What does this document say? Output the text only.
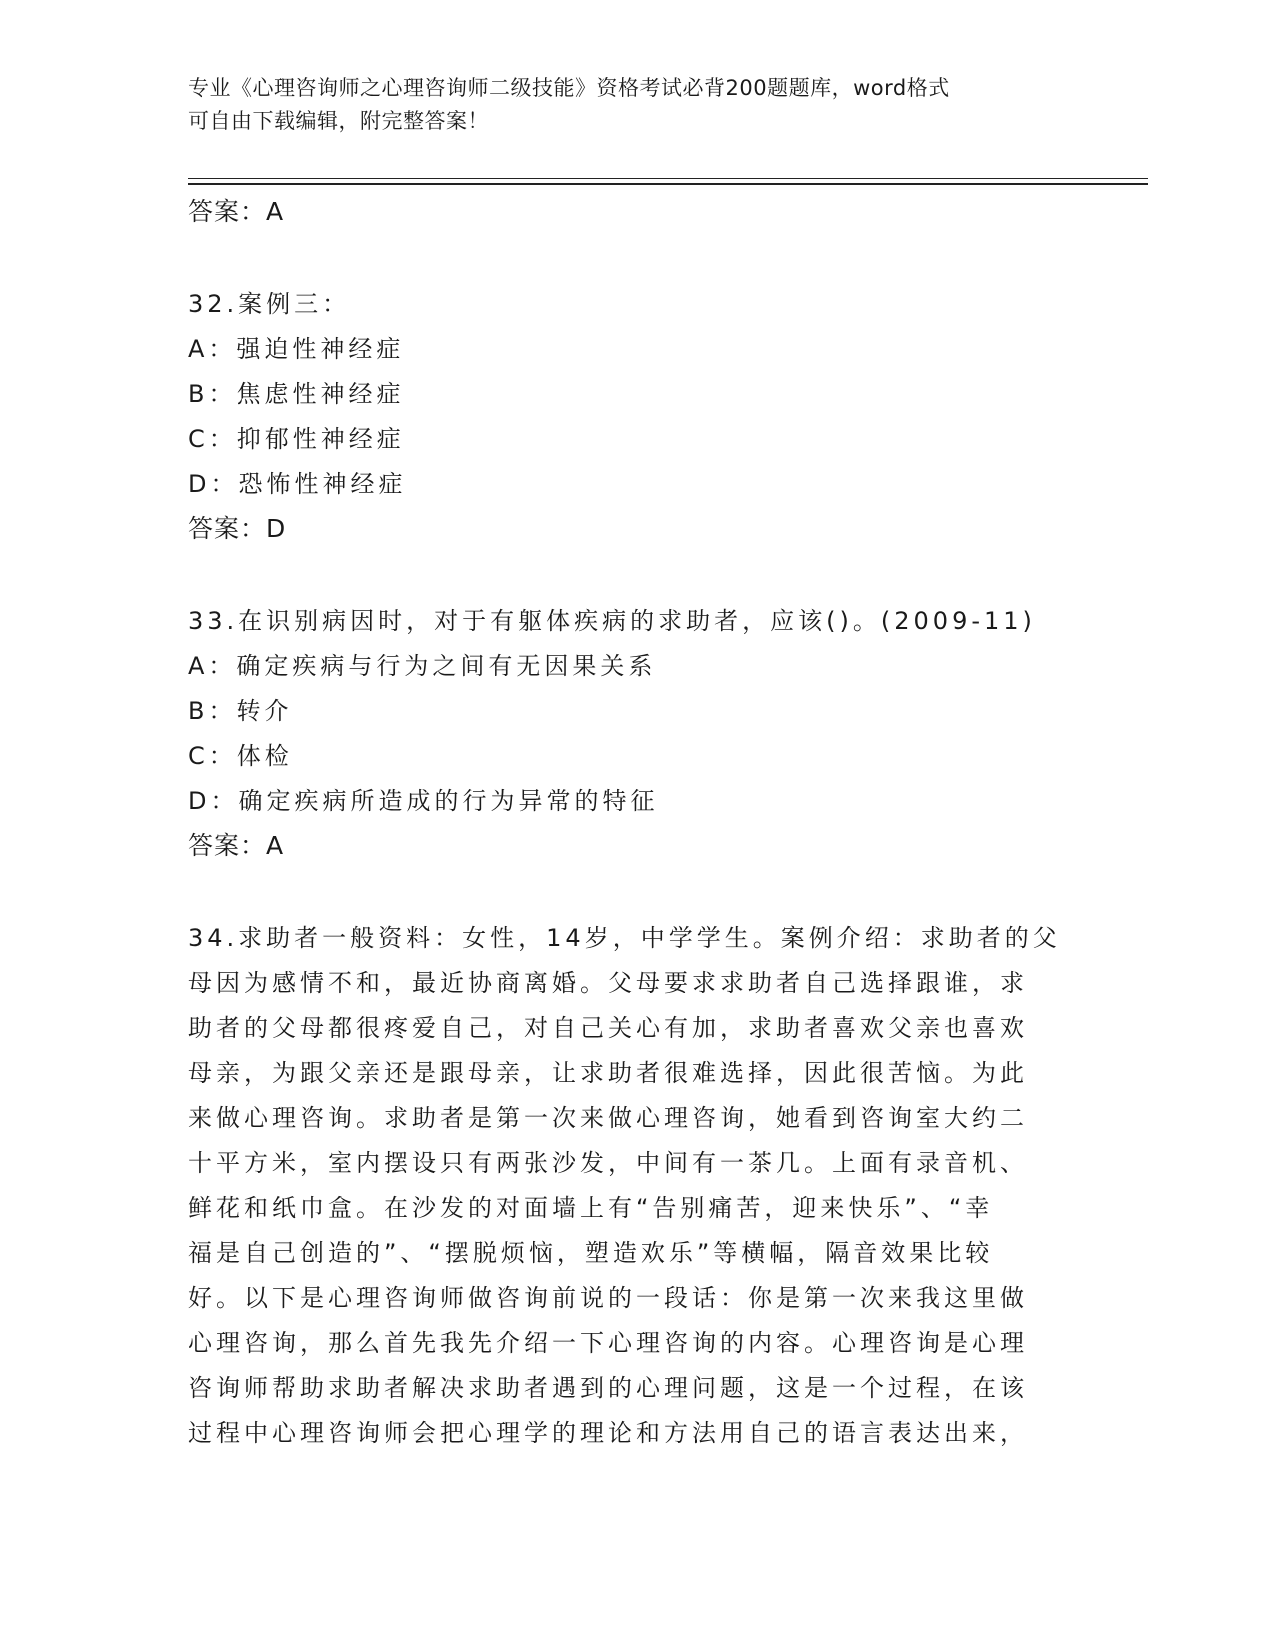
专业《心理咨询师之心理咨询师二级技能》资格考试必背200题题库，word格式
可自由下载编辑，附完整答案！
答案：A
32.案例三：
A：强迫性神经症
B：焦虑性神经症
C：抑郁性神经症
D：恐怖性神经症
答案：D
33.在识别病因时，对于有躯体疾病的求助者，应该()。(2009-11)
A：确定疾病与行为之间有无因果关系
B：转介
C：体检
D：确定疾病所造成的行为异常的特征
答案：A
34.求助者一般资料：女性，14岁，中学学生。案例介绍：求助者的父
母因为感情不和，最近协商离婚。父母要求求助者自己选择跟谁，求
助者的父母都很疼爱自己，对自己关心有加，求助者喜欢父亲也喜欢
母亲，为跟父亲还是跟母亲，让求助者很难选择，因此很苦恼。为此
来做心理咨询。求助者是第一次来做心理咨询，她看到咨询室大约二
十平方米，室内摆设只有两张沙发，中间有一茶几。上面有录音机、
鲜花和纸巾盒。在沙发的对面墙上有“告别痛苦，迎来快乐”、“幸
福是自己创造的”、“摆脱烦恼，塑造欢乐”等横幅，隔音效果比较
好。以下是心理咨询师做咨询前说的一段话：你是第一次来我这里做
心理咨询，那么首先我先介绍一下心理咨询的内容。心理咨询是心理
咨询师帮助求助者解决求助者遇到的心理问题，这是一个过程，在该
过程中心理咨询师会把心理学的理论和方法用自己的语言表达出来，
